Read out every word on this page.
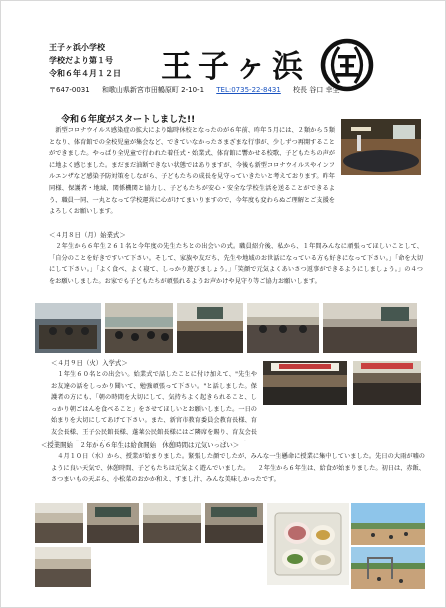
王子ヶ浜小学校
学校だより第１号
令和６年４月１２日 王子ヶ浜
〒647-0031 和歌山県新宮市田鶴原町 2-10-1 TEL:0735-22-8431 校長 谷口 幸生
令和６年度がスタートしました!!
　新型コロナウイルス感染症の拡大により臨時休校となったのが６年前、昨年５月には、２類から５類となり、体育館での全校児童が集会など、できていなかったさまざまな行事が、少しずつ再開することができました。やっぱり全児童で行われた着任式・始業式、体育館に響かせる校歌、子どもたちの声がに地よく感じました。まだまだ油断できない状態ではありますが、今後も新型コロナウイルスやインフルエンザなど感染予防対策をしながら、子どもたちの成長を見守っていきたいと考えております。昨年同様、保護者・地域、関係機関と協力し、子どもたちが安心・安全な学校生活を送ることができるよう、職員一同、一丸となって学校運営に心がけてまいりますので、今年度も変わらぬご理解とご支援をよろしくお願いします。
＜４月８日（月）始業式＞
　２年生から６年生２６１名と今年度の先生たちとの出会いの式。職員紹介後、私から、１年間みんなに頑張ってほしいことして、「自分のことを好きですいて下さい。そして、家族や友だち、先生や地域のお世話になっている方も好きになって下さい。」「命を大切にして下さい。」「よく食べ、よく寝て、しっかり遊びましょう。」「笑顔で元気よくあいさつ返事ができるようにしましょう。」の４つをお願いしました。お家でも子どもたちが頑張れるようお声かけや見守り等ご協力お願いします。
＜４月９日（火）入学式＞
　１年生６０名との出会い。始業式で話したことに付け加えて、"先生やお友達の話をしっかり聞いて、勉強頑張って下さい。"と話しました。保護者の方にも、「朝の時間を大切にして、気持ちよく起きられること、しっかり朝ごはんを食べること」をさせてほしいとお願いしました。一日の始まりを大切にしてあげて下さい。また、新宮市教育委員会教育長様、育友会長様、王子公民館長様、蓬莱公民館長様にはご隣席を賜り、育友会長
＜授業開始　２年から６年生は給食開始　休憩時間は元気いっぱい＞
　４月１０日（水）から、授業が始まりました。緊張した顔でしたが、みんな一生懸命に授業に集中していました。先日の大雨が嘘のように良い天気で、休憩時間、子どもたちは元気よく遊んでいました。 　２年生から６年生は、給食が始まりました。初日は、赤飯、さつまいもの天ぷら、小松菜のおかか和え、すまし汁、みんな美味しかったです。
